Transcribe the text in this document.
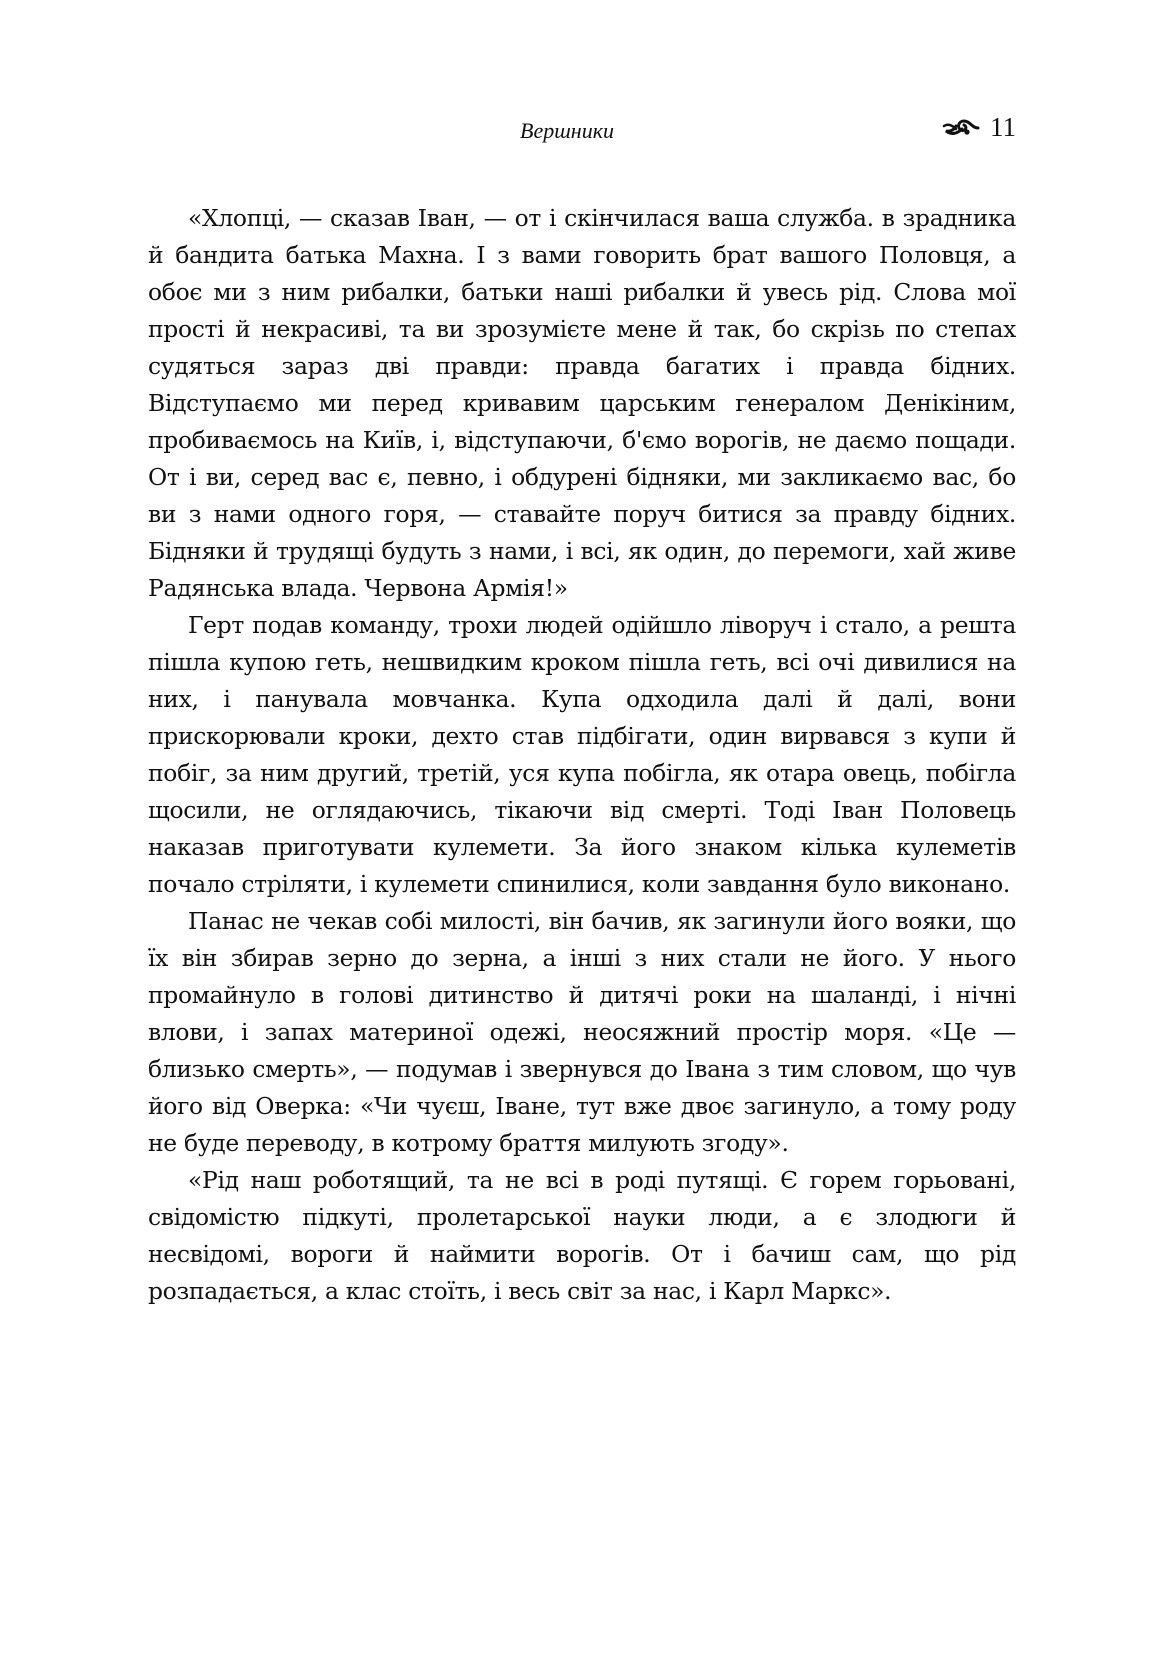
Вершники	11

«Хлопці, — сказав Іван, — от і скінчилася ваша служба. в зрадника й бандита батька Махна. І з вами говорить брат вашого Половця, а обоє ми з ним рибалки, батьки наші рибалки й увесь рід. Слова мої прості й некрасиві, та ви зрозумієте мене й так, бо скрізь по степах судяться зараз дві правди: правда багатих і правда бідних. Відступаємо ми перед кривавим царським генералом Денікіним, пробиваємось на Київ, і, відступаючи, б'ємо ворогів, не даємо пощади. От і ви, серед вас є, певно, і обдурені бідняки, ми закликаємо вас, бо ви з нами одного горя, — ставайте поруч битися за правду бідних. Бідняки й трудящі будуть з нами, і всі, як один, до перемоги, хай живе Радянська влада. Червона Армія!»

Герт подав команду, трохи людей одійшло ліворуч і стало, а решта пішла купою геть, нешвидким кроком пішла геть, всі очі дивилися на них, і панувала мовчанка. Купа одходила далі й далі, вони прискорювали кроки, дехто став підбігати, один вирвався з купи й побіг, за ним другий, третій, уся купа побігла, як отара овець, побігла щосили, не оглядаючись, тікаючи від смерті. Тоді Іван Половець наказав приготувати кулемети. За його знаком кілька кулеметів почало стріляти, і кулемети спинилися, коли завдання було виконано.

Панас не чекав собі милості, він бачив, як загинули його вояки, що їх він збирав зерно до зерна, а інші з них стали не його. У нього промайнуло в голові дитинство й дитячі роки на шаланді, і нічні влови, і запах материної одежі, неосяжний простір моря. «Це — близько смерть», — подумав і звернувся до Івана з тим словом, що чув його від Оверка: «Чи чуєш, Іване, тут вже двоє загинуло, а тому роду не буде переводу, в котрому браття милують згоду».

«Рід наш роботящий, та не всі в роді путящі. Є горем горьовані, свідомістю підкуті, пролетарської науки люди, а є злодюги й несвідомі, вороги й наймити ворогів. От і бачиш сам, що рід розпадається, а клас стоїть, і весь світ за нас, і Карл Маркс».
